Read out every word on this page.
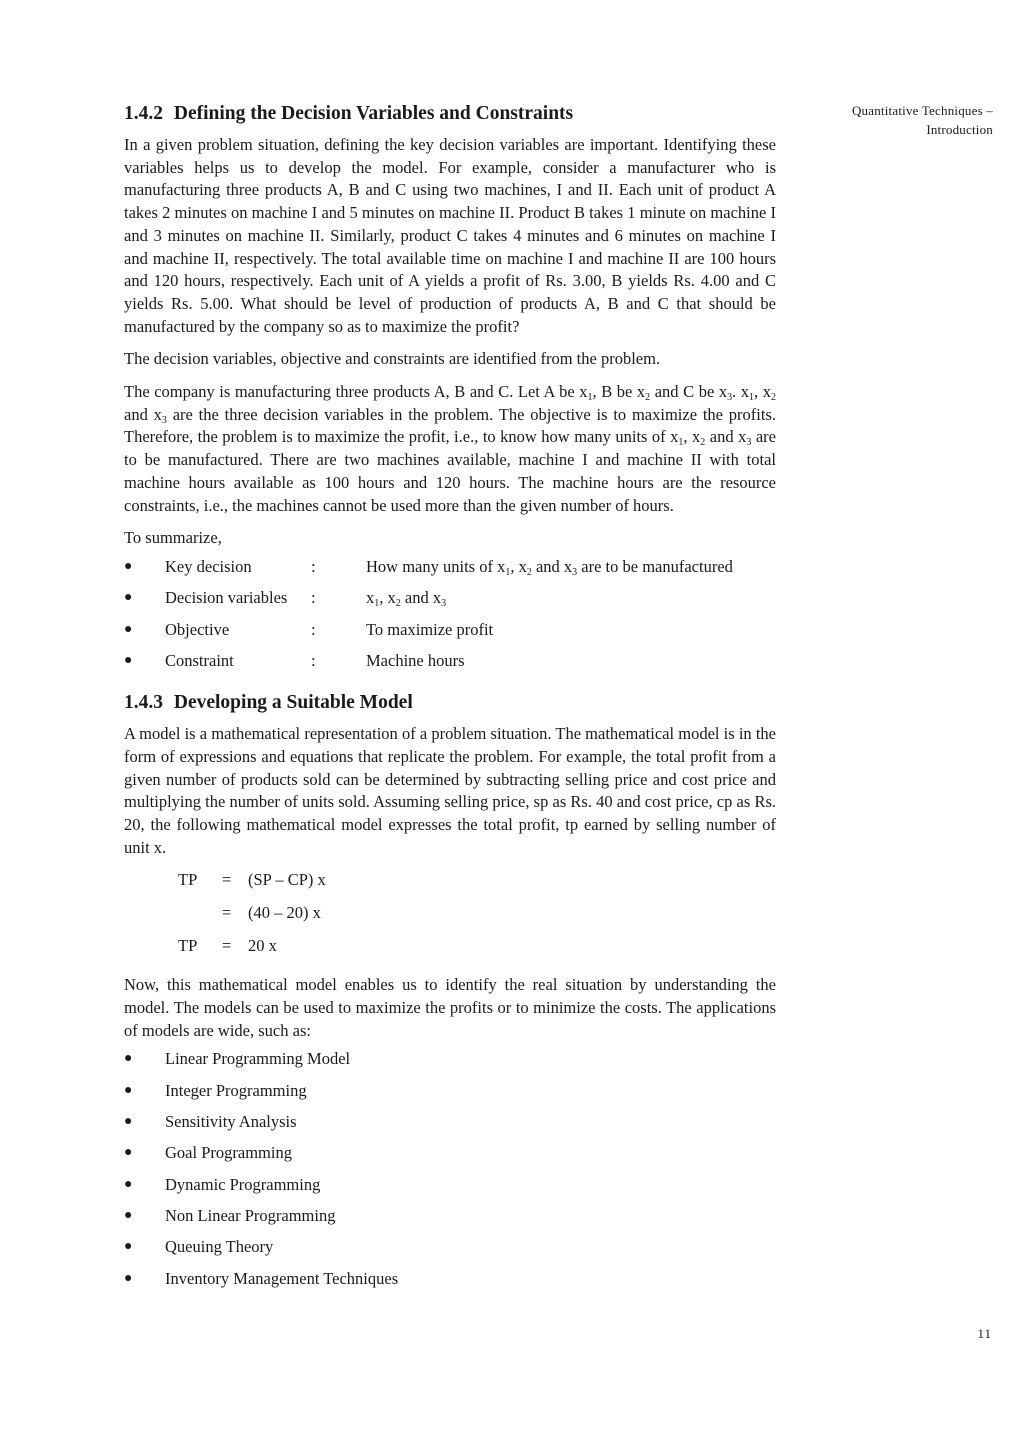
Quantitative Techniques –
Introduction
11
1.4.2 Defining the Decision Variables and Constraints

In a given problem situation, defining the key decision variables are important. Identifying these variables helps us to develop the model. For example, consider a manufacturer who is manufacturing three products A, B and C using two machines, I and II. Each unit of product A takes 2 minutes on machine I and 5 minutes on machine II. Product B takes 1 minute on machine I and 3 minutes on machine II. Similarly, product C takes 4 minutes and 6 minutes on machine I and machine II, respectively. The total available time on machine I and machine II are 100 hours and 120 hours, respectively. Each unit of A yields a profit of Rs. 3.00, B yields Rs. 4.00 and C yields Rs. 5.00. What should be level of production of products A, B and C that should be manufactured by the company so as to maximize the profit?

The decision variables, objective and constraints are identified from the problem.

The company is manufacturing three products A, B and C. Let A be $x_1$, B be $x_2$ and C be $x_3$. $x_1$, $x_2$ and $x_3$ are the three decision variables in the problem. The objective is to maximize the profits. Therefore, the problem is to maximize the profit, i.e., to know how many units of $x_1$, $x_2$ and $x_3$ are to be manufactured. There are two machines available, machine I and machine II with total machine hours available as 100 hours and 120 hours. The machine hours are the resource constraints, i.e., the machines cannot be used more than the given number of hours.

To summarize,

● Key decision	:	How many units of $x_1$, $x_2$ and $x_3$ are to be manufactured
● Decision variables :	$x_1$, $x_2$ and $x_3$
● Objective	:	To maximize profit
● Constraint	:	Machine hours
1.4.3 Developing a Suitable Model

A model is a mathematical representation of a problem situation. The mathematical model is in the form of expressions and equations that replicate the problem. For example, the total profit from a given number of products sold can be determined by subtracting selling price and cost price and multiplying the number of units sold. Assuming selling price, sp as Rs. 40 and cost price, cp as Rs. 20, the following mathematical model expresses the total profit, tp earned by selling number of unit x.

TP = (SP – CP) x
= (40 – 20) x
TP = 20 x

Now, this mathematical model enables us to identify the real situation by understanding the model. The models can be used to maximize the profits or to minimize the costs. The applications of models are wide, such as:

● Linear Programming Model
● Integer Programming
● Sensitivity Analysis
● Goal Programming
● Dynamic Programming
● Non Linear Programming
● Queuing Theory
● Inventory Management Techniques
